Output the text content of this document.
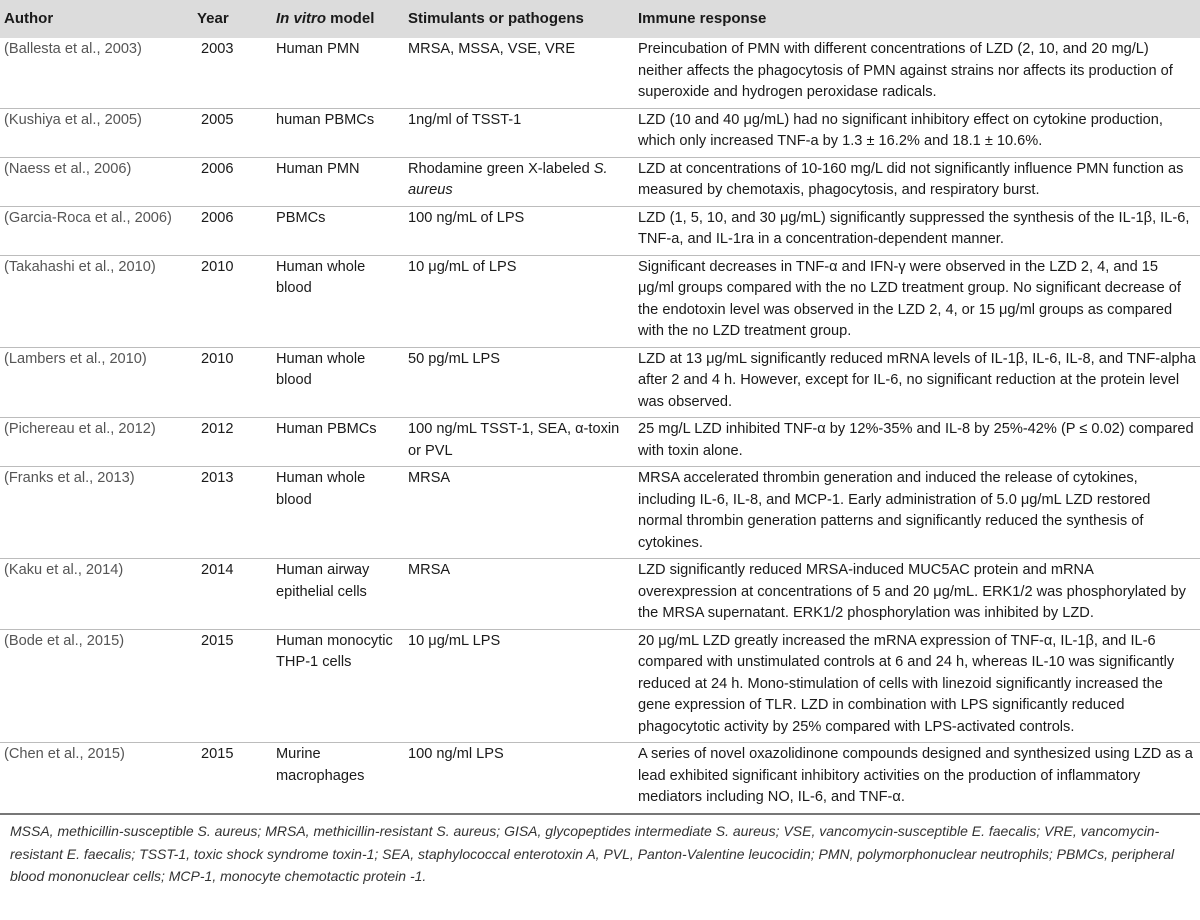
Author	Year	In vitro model	Stimulants or pathogens	Immune response
(Ballesta et al., 2003)	2003	Human PMN	MRSA, MSSA, VSE, VRE	Preincubation of PMN with different concentrations of LZD (2, 10, and 20 mg/L) neither affects the phagocytosis of PMN against strains nor affects its production of superoxide and hydrogen peroxidase radicals.
(Kushiya et al., 2005)	2005	human PBMCs	1ng/ml of TSST-1	LZD (10 and 40 μg/mL) had no significant inhibitory effect on cytokine production, which only increased TNF-a by 1.3 ± 16.2% and 18.1 ± 10.6%.
(Naess et al., 2006)	2006	Human PMN	Rhodamine green X-labeled S. aureus	LZD at concentrations of 10-160 mg/L did not significantly influence PMN function as measured by chemotaxis, phagocytosis, and respiratory burst.
(Garcia-Roca et al., 2006)	2006	PBMCs	100 ng/mL of LPS	LZD (1, 5, 10, and 30 μg/mL) significantly suppressed the synthesis of the IL-1β, IL-6, TNF-a, and IL-1ra in a concentration-dependent manner.
(Takahashi et al., 2010)	2010	Human whole blood	10 μg/mL of LPS	Significant decreases in TNF-α and IFN-γ were observed in the LZD 2, 4, and 15 μg/ml groups compared with the no LZD treatment group. No significant decrease of the endotoxin level was observed in the LZD 2, 4, or 15 μg/ml groups as compared with the no LZD treatment group.
(Lambers et al., 2010)	2010	Human whole blood	50 pg/mL LPS	LZD at 13 μg/mL significantly reduced mRNA levels of IL-1β, IL-6, IL-8, and TNF-alpha after 2 and 4 h. However, except for IL-6, no significant reduction at the protein level was observed.
(Pichereau et al., 2012)	2012	Human PBMCs	100 ng/mL TSST-1, SEA, α-toxin or PVL	25 mg/L LZD inhibited TNF-α by 12%-35% and IL-8 by 25%-42% (P ≤ 0.02) compared with toxin alone.
(Franks et al., 2013)	2013	Human whole blood	MRSA	MRSA accelerated thrombin generation and induced the release of cytokines, including IL-6, IL-8, and MCP-1. Early administration of 5.0 μg/mL LZD restored normal thrombin generation patterns and significantly reduced the synthesis of cytokines.
(Kaku et al., 2014)	2014	Human airway epithelial cells	MRSA	LZD significantly reduced MRSA-induced MUC5AC protein and mRNA overexpression at concentrations of 5 and 20 μg/mL. ERK1/2 was phosphorylated by the MRSA supernatant. ERK1/2 phosphorylation was inhibited by LZD.
(Bode et al., 2015)	2015	Human monocytic THP-1 cells	10 μg/mL LPS	20 μg/mL LZD greatly increased the mRNA expression of TNF-α, IL-1β, and IL-6 compared with unstimulated controls at 6 and 24 h, whereas IL-10 was significantly reduced at 24 h. Mono-stimulation of cells with linezoid significantly increased the gene expression of TLR. LZD in combination with LPS significantly reduced phagocytotic activity by 25% compared with LPS-activated controls.
(Chen et al., 2015)	2015	Murine macrophages	100 ng/ml LPS	A series of novel oxazolidinone compounds designed and synthesized using LZD as a lead exhibited significant inhibitory activities on the production of inflammatory mediators including NO, IL-6, and TNF-α.
MSSA, methicillin-susceptible S. aureus; MRSA, methicillin-resistant S. aureus; GISA, glycopeptides intermediate S. aureus; VSE, vancomycin-susceptible E. faecalis; VRE, vancomycin-resistant E. faecalis; TSST-1, toxic shock syndrome toxin-1; SEA, staphylococcal enterotoxin A, PVL, Panton-Valentine leucocidin; PMN, polymorphonuclear neutrophils; PBMCs, peripheral blood mononuclear cells; MCP-1, monocyte chemotactic protein -1.
